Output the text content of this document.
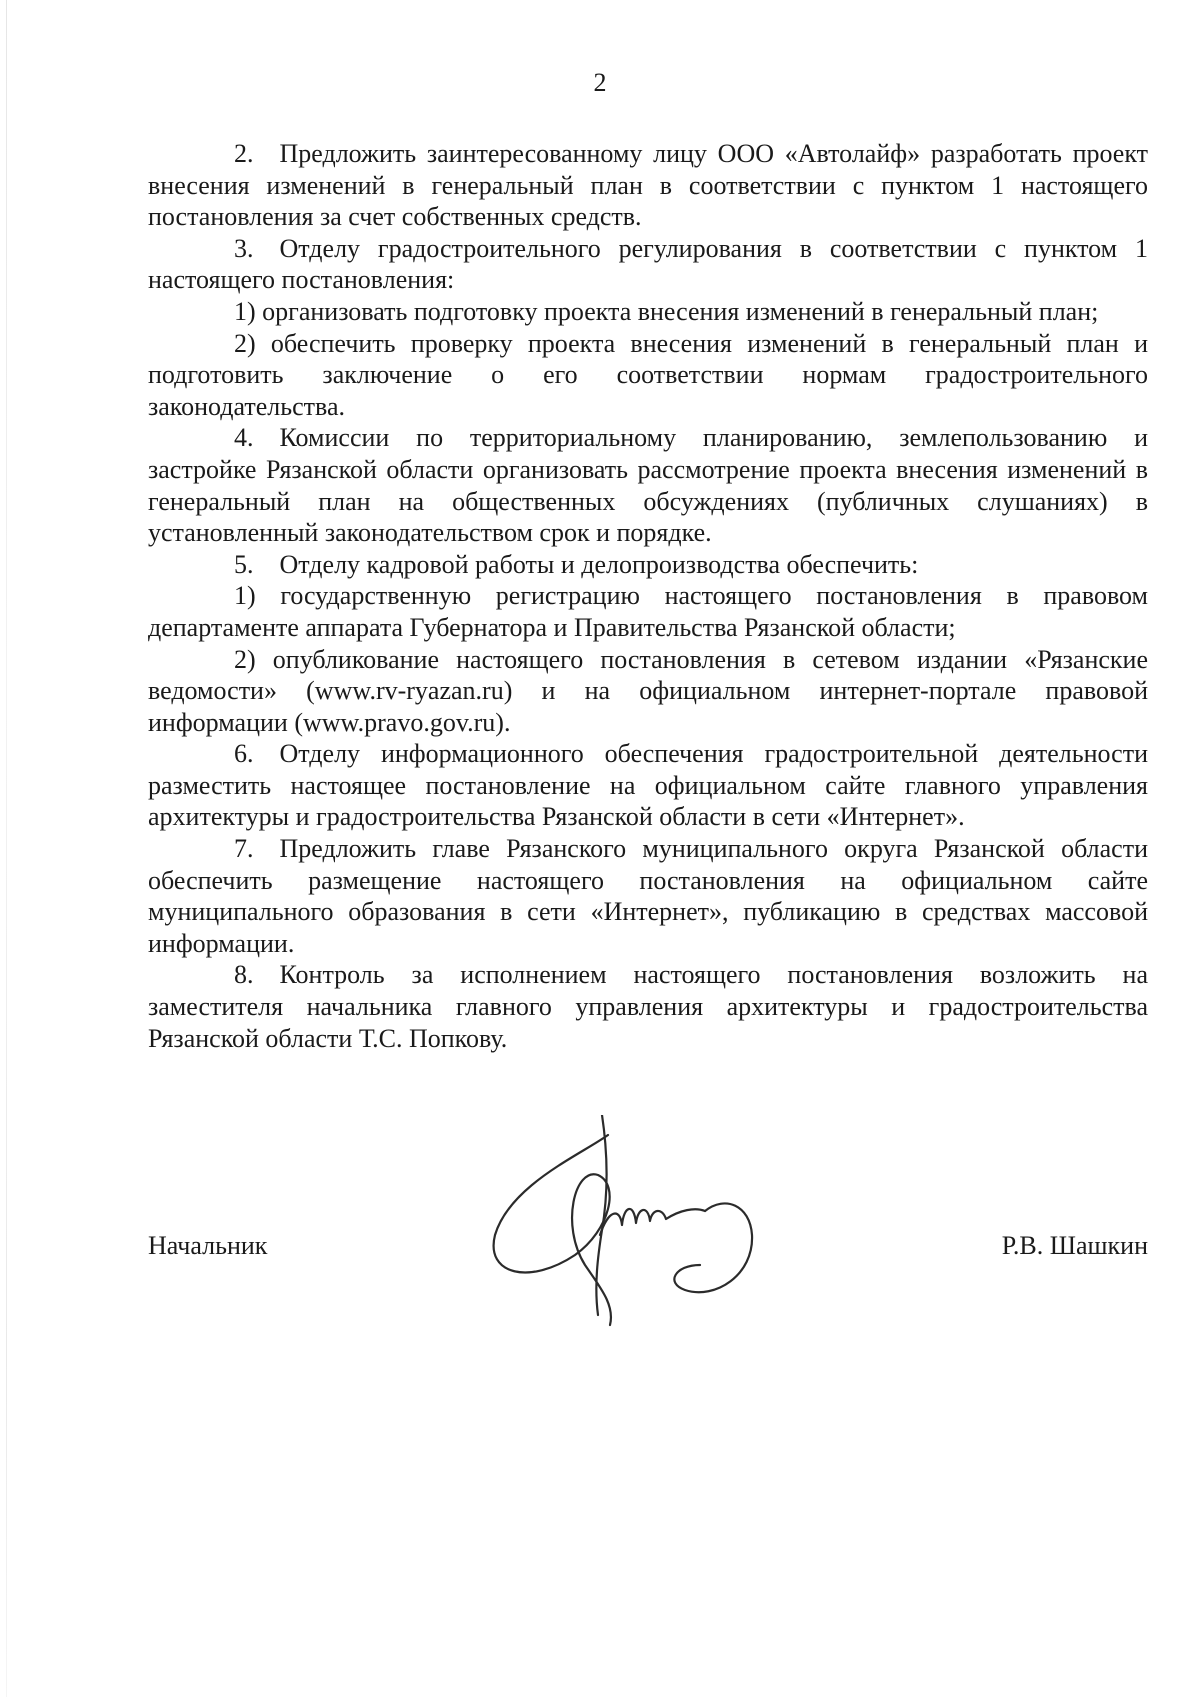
2

2. Предложить заинтересованному лицу ООО «Автолайф» разработать проект внесения изменений в генеральный план в соответствии с пунктом 1 настоящего постановления за счет собственных средств.

3. Отделу градостроительного регулирования в соответствии с пунктом 1 настоящего постановления:

1) организовать подготовку проекта внесения изменений в генеральный план;

2) обеспечить проверку проекта внесения изменений в генеральный план и подготовить заключение о его соответствии нормам градостроительного законодательства.

4. Комиссии по территориальному планированию, землепользованию и застройке Рязанской области организовать рассмотрение проекта внесения изменений в генеральный план на общественных обсуждениях (публичных слушаниях) в установленный законодательством срок и порядке.

5. Отделу кадровой работы и делопроизводства обеспечить:

1) государственную регистрацию настоящего постановления в правовом департаменте аппарата Губернатора и Правительства Рязанской области;

2) опубликование настоящего постановления в сетевом издании «Рязанские ведомости» (www.rv-ryazan.ru) и на официальном интернет-портале правовой информации (www.pravo.gov.ru).

6. Отделу информационного обеспечения градостроительной деятельности разместить настоящее постановление на официальном сайте главного управления архитектуры и градостроительства Рязанской области в сети «Интернет».

7. Предложить главе Рязанского муниципального округа Рязанской области обеспечить размещение настоящего постановления на официальном сайте муниципального образования в сети «Интернет», публикацию в средствах массовой информации.

8. Контроль за исполнением настоящего постановления возложить на заместителя начальника главного управления архитектуры и градостроительства Рязанской области Т.С. Попкову.

Начальник	Р.В. Шашкин
